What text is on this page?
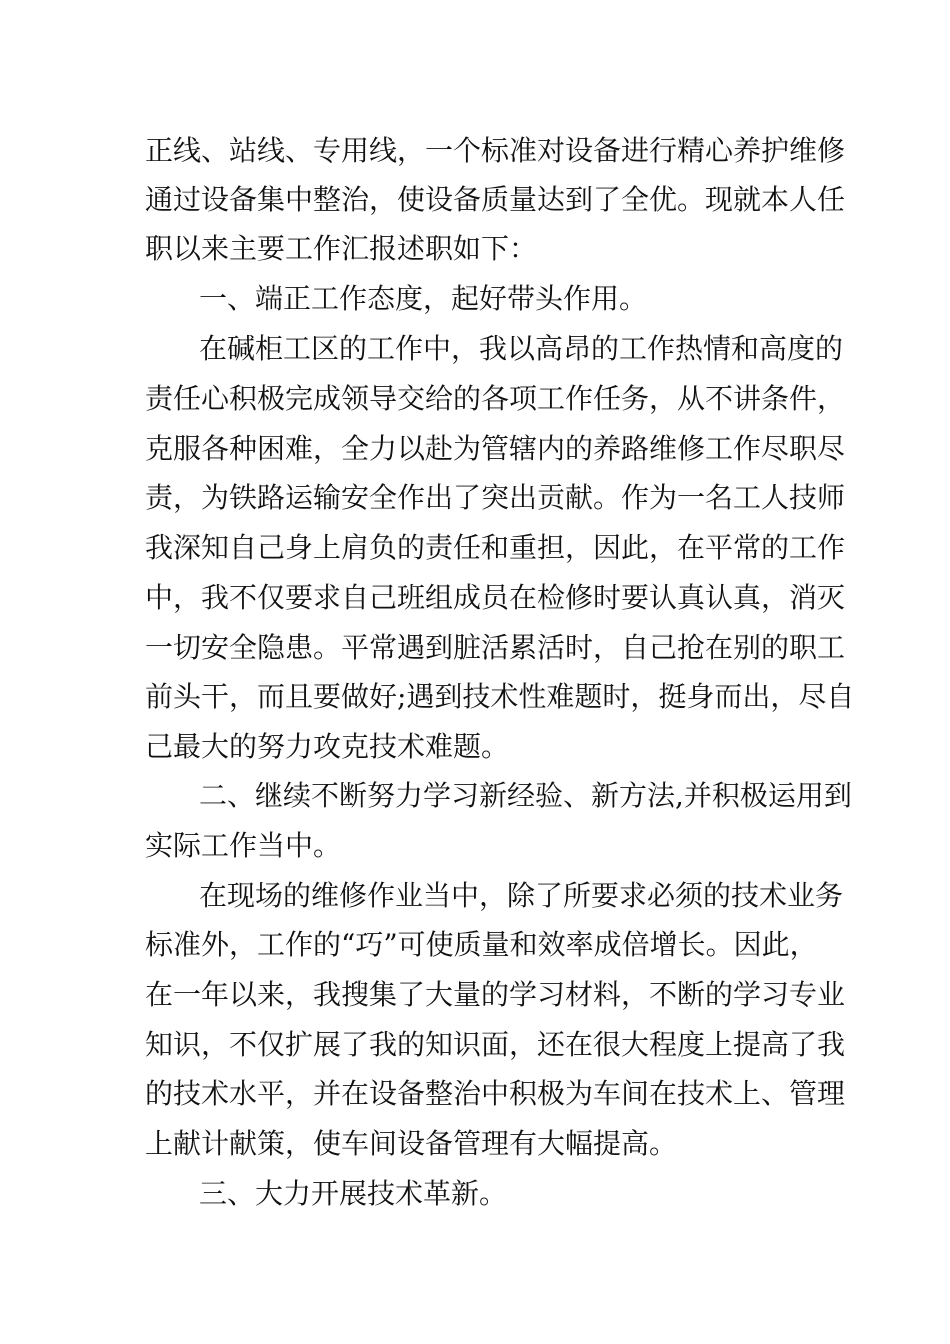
正线、站线、专用线，一个标准对设备进行精心养护维修
通过设备集中整治，使设备质量达到了全优。现就本人任
职以来主要工作汇报述职如下：
一、端正工作态度，起好带头作用。
在碱柜工区的工作中，我以高昂的工作热情和高度的
责任心积极完成领导交给的各项工作任务，从不讲条件，
克服各种困难，全力以赴为管辖内的养路维修工作尽职尽
责，为铁路运输安全作出了突出贡献。作为一名工人技师
我深知自己身上肩负的责任和重担，因此，在平常的工作
中，我不仅要求自己班组成员在检修时要认真认真，消灭
一切安全隐患。平常遇到脏活累活时，自己抢在别的职工
前头干，而且要做好;遇到技术性难题时，挺身而出，尽自
己最大的努力攻克技术难题。
二、继续不断努力学习新经验、新方法,并积极运用到
实际工作当中。
在现场的维修作业当中，除了所要求必须的技术业务
标准外，工作的“巧”可使质量和效率成倍增长。因此，
在一年以来，我搜集了大量的学习材料，不断的学习专业
知识，不仅扩展了我的知识面，还在很大程度上提高了我
的技术水平，并在设备整治中积极为车间在技术上、管理
上献计献策，使车间设备管理有大幅提高。
三、大力开展技术革新。
